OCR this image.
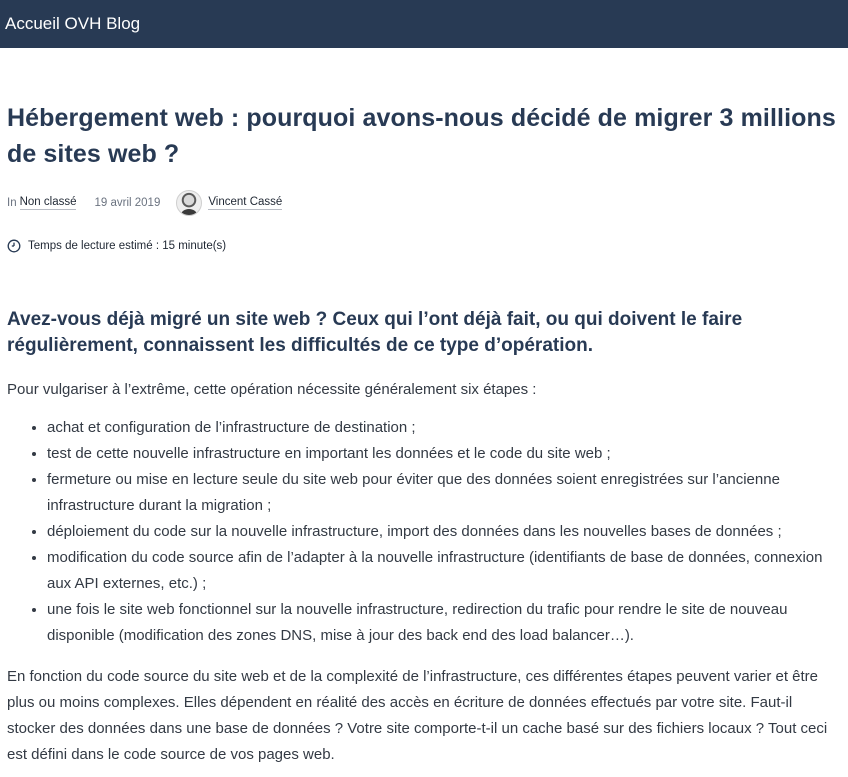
Accueil OVH Blog
Hébergement web : pourquoi avons-nous décidé de migrer 3 millions de sites web ?
In Non classé 19 avril 2019	Vincent Cassé
Temps de lecture estimé : 15 minute(s)
Avez-vous déjà migré un site web ? Ceux qui l’ont déjà fait, ou qui doivent le faire régulièrement, connaissent les difficultés de ce type d’opération.

Pour vulgariser à l’extrême, cette opération nécessite généralement six étapes :

• achat et configuration de l’infrastructure de destination ;
• test de cette nouvelle infrastructure en important les données et le code du site web ;
• fermeture ou mise en lecture seule du site web pour éviter que des données soient enregistrées sur l’ancienne infrastructure durant la migration ;
• déploiement du code sur la nouvelle infrastructure, import des données dans les nouvelles bases de données ;
• modification du code source afin de l’adapter à la nouvelle infrastructure (identifiants de base de données, connexion aux API externes, etc.) ;
• une fois le site web fonctionnel sur la nouvelle infrastructure, redirection du trafic pour rendre le site de nouveau disponible (modification des zones DNS, mise à jour des back end des load balancer…).

En fonction du code source du site web et de la complexité de l’infrastructure, ces différentes étapes peuvent varier et être plus ou moins complexes. Elles dépendent en réalité des accès en écriture de données effectués par votre site. Faut-il stocker des données dans une base de données ? Votre site comporte-t-il un cache basé sur des fichiers locaux ? Tout ceci est défini dans le code source de vos pages web.
